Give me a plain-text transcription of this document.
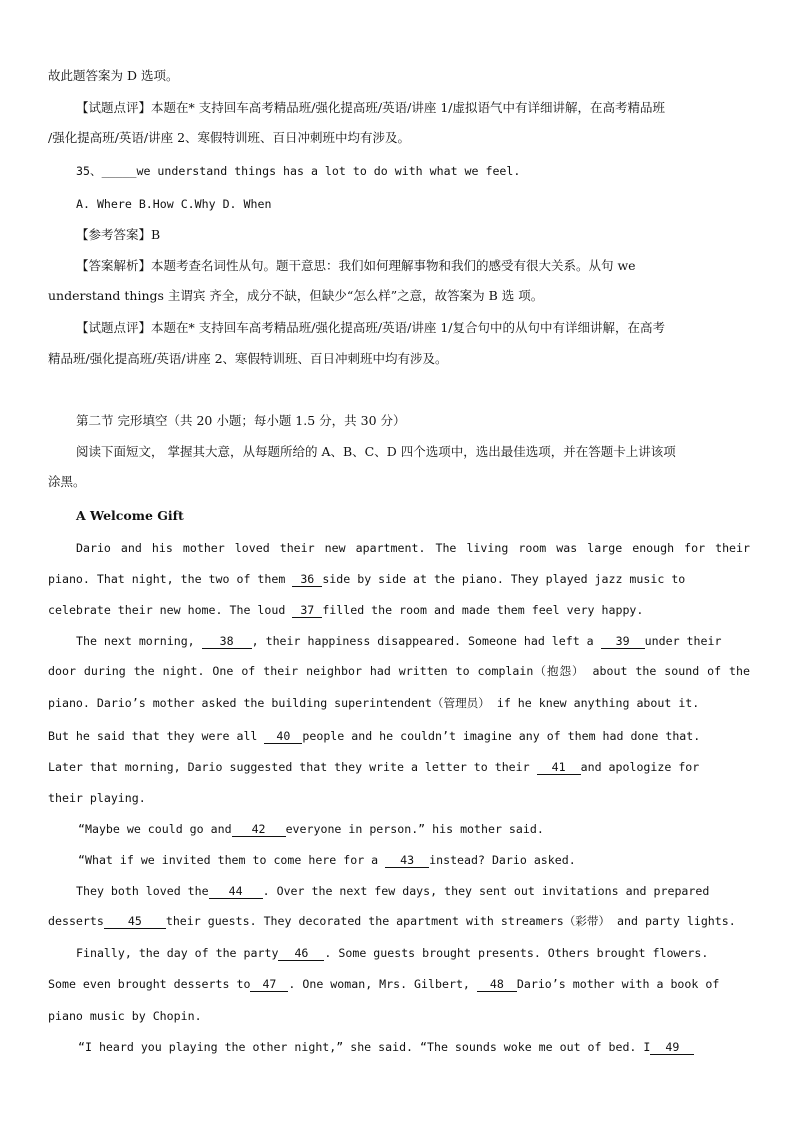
故此题答案为 D 选项。
【试题点评】本题在* 支持回车高考精品班/强化提高班/英语/讲座 1/虚拟语气中有详细讲解，在高考精品班
/强化提高班/英语/讲座 2、寒假特训班、百日冲刺班中均有涉及。
35、_____we understand things has a lot to do with what we feel.
A. Where B.How C.Why D. When
【参考答案】B
【答案解析】本题考查名词性从句。题干意思：我们如何理解事物和我们的感受有很大关系。从句 we
understand things 主谓宾 齐全，成分不缺，但缺少“怎么样”之意，故答案为 B 选 项。
【试题点评】本题在* 支持回车高考精品班/强化提高班/英语/讲座 1/复合句中的从句中有详细讲解，在高考
精品班/强化提高班/英语/讲座 2、寒假特训班、百日冲刺班中均有涉及。
第二节 完形填空（共 20 小题；每小题 1.5 分，共 30 分）
阅读下面短文， 掌握其大意，从每题所给的 A、B、C、D 四个选项中，选出最佳选项，并在答题卡上讲该项
涂黑。
A Welcome Gift
Dario and his mother loved their new apartment. The living room was large enough for their
piano. That night, the two of them 36 side by side at the piano. They played jazz music to
celebrate their new home. The loud 37 filled the room and made them feel very happy.
The next morning, 38 , their happiness disappeared. Someone had left a 39 under their
door during the night. One of their neighbor had written to complain（抱怨） about the sound of the
piano. Dario’s mother asked the building superintendent（管理员） if he knew anything about it.
But he said that they were all 40 people and he couldn’t imagine any of them had done that.
Later that morning, Dario suggested that they write a letter to their 41 and apologize for
their playing.
“Maybe we could go and 42 everyone in person.” his mother said.
“What if we invited them to come here for a 43 instead? Dario asked.
They both loved the 44 . Over the next few days, they sent out invitations and prepared
desserts 45 their guests. They decorated the apartment with streamers（彩带） and party lights.
Finally, the day of the party 46 . Some guests brought presents. Others brought flowers.
Some even brought desserts to 47 . One woman, Mrs. Gilbert, 48 Dario’s mother with a book of
piano music by Chopin.
“I heard you playing the other night,” she said. “The sounds woke me out of bed. I 49
